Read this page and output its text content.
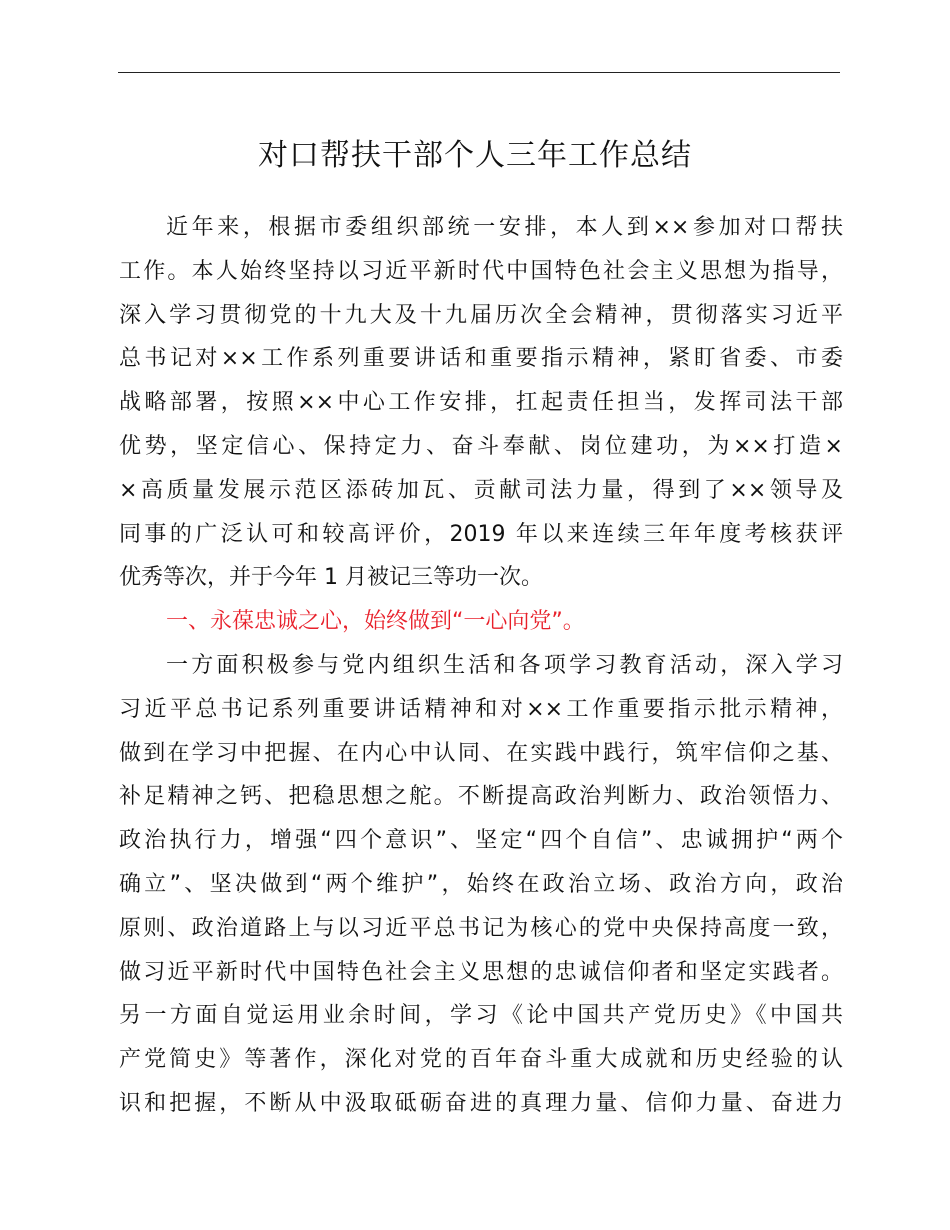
对口帮扶干部个人三年工作总结
近年来，根据市委组织部统一安排，本人到××参加对口帮扶
工作。本人始终坚持以习近平新时代中国特色社会主义思想为指导，
深入学习贯彻党的十九大及十九届历次全会精神，贯彻落实习近平
总书记对××工作系列重要讲话和重要指示精神，紧盯省委、市委
战略部署，按照××中心工作安排，扛起责任担当，发挥司法干部
优势，坚定信心、保持定力、奋斗奉献、岗位建功，为××打造×
×高质量发展示范区添砖加瓦、贡献司法力量，得到了××领导及
同事的广泛认可和较高评价，2019 年以来连续三年年度考核获评
优秀等次，并于今年 1 月被记三等功一次。
一、永葆忠诚之心，始终做到“一心向党”。
一方面积极参与党内组织生活和各项学习教育活动，深入学习
习近平总书记系列重要讲话精神和对××工作重要指示批示精神，
做到在学习中把握、在内心中认同、在实践中践行，筑牢信仰之基、
补足精神之钙、把稳思想之舵。不断提高政治判断力、政治领悟力、
政治执行力，增强“四个意识”、坚定“四个自信”、忠诚拥护“两个
确立”、坚决做到“两个维护”，始终在政治立场、政治方向，政治
原则、政治道路上与以习近平总书记为核心的党中央保持高度一致，
做习近平新时代中国特色社会主义思想的忠诚信仰者和坚定实践者。
另一方面自觉运用业余时间，学习《论中国共产党历史》《中国共
产党简史》等著作，深化对党的百年奋斗重大成就和历史经验的认
识和把握，不断从中汲取砥砺奋进的真理力量、信仰力量、奋进力
